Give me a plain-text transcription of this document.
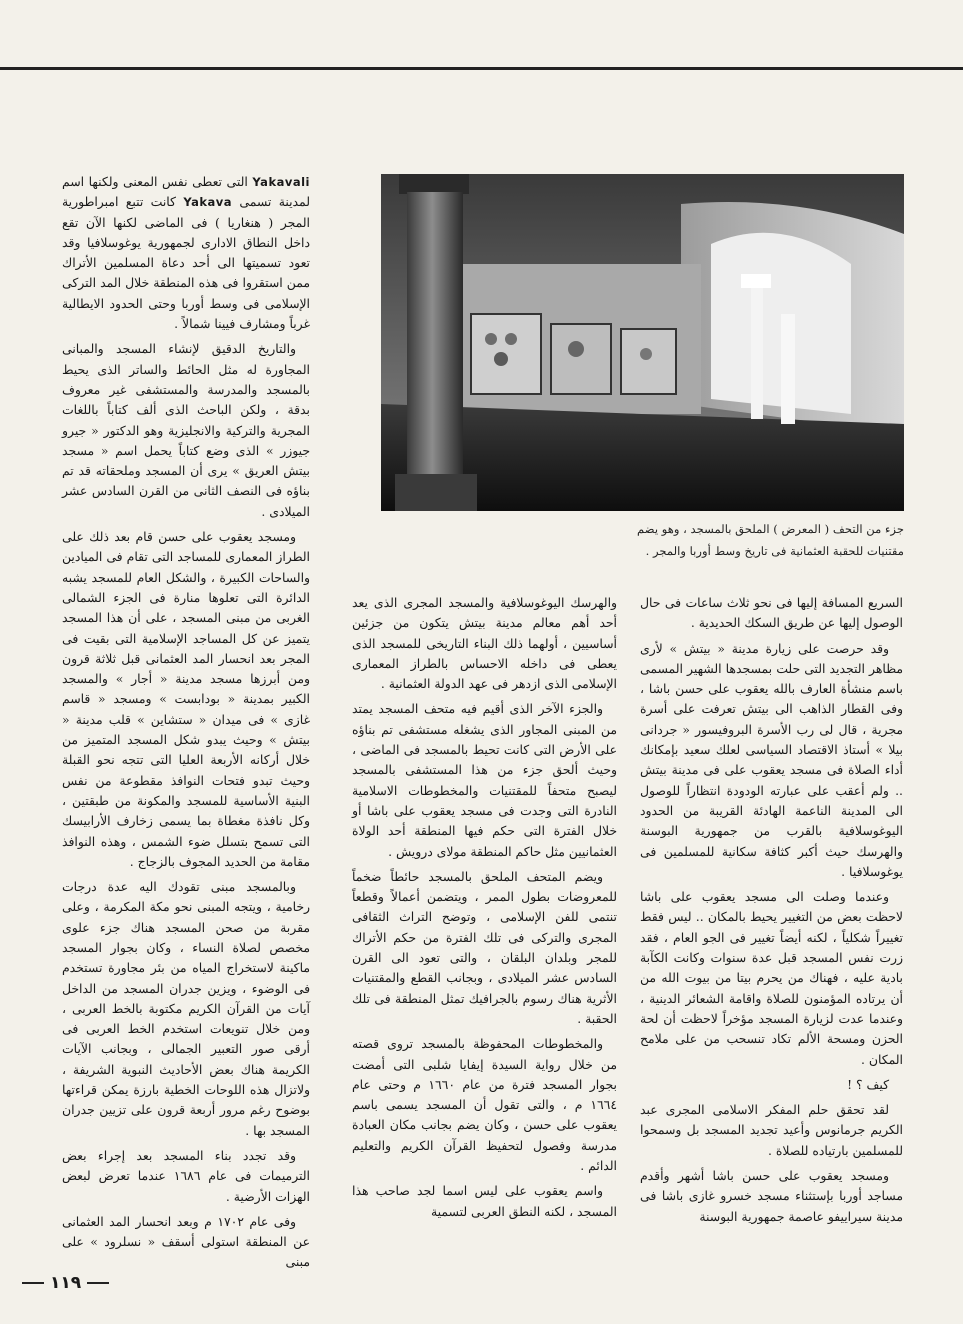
جزء من التحف ( المعرض ) الملحق بالمسجد ، وهو يضم
مقتنيات للحقبة العثمانية فى تاريخ وسط أوربا والمجر .

Yakavali التى تعطى نفس المعنى ولكنها اسم لمدينة تسمى Yakava كانت تتبع امبراطورية المجر ( هنغاريا ) فى الماضى لكنها الآن تقع داخل النطاق الادارى لجمهورية يوغوسلافيا وقد تعود تسميتها الى أحد دعاة المسلمين الأتراك ممن استقروا فى هذه المنطقة خلال المد التركى الإسلامى فى وسط أوربا وحتى الحدود الايطالية غرباً ومشارف فيينا شمالاً .

والتاريخ الدقيق لإنشاء المسجد والمبانى المجاورة له مثل الحائط والساتر الذى يحيط بالمسجد والمدرسة والمستشفى غير معروف بدقة ، ولكن الباحث الذى ألف كتاباً باللغات المجرية والتركية والانجليزية وهو الدكتور « جيرو جيوزر » الذى وضع كتاباً يحمل اسم « مسجد بيتش العريق » يرى أن المسجد وملحقاته قد تم بناؤه فى النصف الثانى من القرن السادس عشر الميلادى .

ومسجد يعقوب على حسن قام بعد ذلك على الطراز المعمارى للمساجد التى تقام فى الميادين والساحات الكبيرة ، والشكل العام للمسجد يشبه الدائرة التى تعلوها منارة فى الجزء الشمالى الغربى من مبنى المسجد ، على أن هذا المسجد يتميز عن كل المساجد الإسلامية التى بقيت فى المجر بعد انحسار المد العثمانى قبل ثلاثة قرون ومن أبرزها مسجد مدينة « أجار » والمسجد الكبير بمدينة « بودابست » ومسجد « قاسم غازى » فى ميدان « ستشاين » قلب مدينة « بيتش » وحيث يبدو شكل المسجد المتميز من خلال أركانه الأربعة العليا التى تتجه نحو القبلة وحيث تبدو فتحات النوافذ مقطوعة من نفس البنية الأساسية للمسجد والمكونة من طبقتين ، وكل نافذة مغطاة بما يسمى زخارف الأرابيسك التى تسمح بتسلل ضوء الشمس ، وهذه النوافذ مقامة من الحديد المجوف بالزجاج .

وبالمسجد مبنى تقودك اليه عدة درجات رخامية ، ويتجه المبنى نحو مكة المكرمة ، وعلى مقربة من صحن المسجد هناك جزء علوى مخصص لصلاة النساء ، وكان بجوار المسجد ماكينة لاستخراج المياه من بئر مجاورة تستخدم فى الوضوء ، ويزين جدران المسجد من الداخل آيات من القرآن الكريم مكتوبة بالخط العربى ، ومن خلال تنويعات استخدم الخط العربى فى أرقى صور التعبير الجمالى ، وبجانب الآيات الكريمة هناك بعض الأحاديث النبوية الشريفة ، ولاتزال هذه اللوحات الخطية بارزة يمكن قراءتها بوضوح رغم مرور أربعة قرون على تزيين جدران المسجد بها .

وقد تجدد بناء المسجد بعد إجراء بعض الترميمات فى عام ١٦٨٦ عندما تعرض لبعض الهزات الأرضية .

وفى عام ١٧٠٢ م وبعد انحسار المد العثمانى عن المنطقة استولى أسقف « نسلرود » على مبنى

والهرسك اليوغوسلافية والمسجد المجرى الذى يعد أحد أهم معالم مدينة بيتش يتكون من جزئين أساسيين ، أولهما ذلك البناء التاريخى للمسجد الذى يعطى فى داخله الاحساس بالطراز المعمارى الإسلامى الذى ازدهر فى عهد الدولة العثمانية .

والجزء الآخر الذى أقيم فيه متحف المسجد يمتد من المبنى المجاور الذى يشغله مستشفى تم بناؤه على الأرض التى كانت تحيط بالمسجد فى الماضى ، وحيث ألحق جزء من هذا المستشفى بالمسجد ليصبح متحفاً للمقتنيات والمخطوطات الاسلامية النادرة التى وجدت فى مسجد يعقوب على باشا أو خلال الفترة التى حكم فيها المنطقة أحد الولاة العثمانيين مثل حاكم المنطقة مولاى درويش .

ويضم المتحف الملحق بالمسجد حائطاً ضخماً للمعروضات بطول الممر ، ويتضمن أعمالاً وقطعاً تنتمى للفن الإسلامى ، وتوضح التراث الثقافى المجرى والتركى فى تلك الفترة من حكم الأتراك للمجر وبلدان البلقان ، والتى تعود الى القرن السادس عشر الميلادى ، وبجانب القطع والمقتنيات الأثرية هناك رسوم بالجرافيك تمثل المنطقة فى تلك الحقبة .

والمخطوطات المحفوظة بالمسجد تروى قصته من خلال رواية السيدة إيفايا شلبى التى أمضت بجوار المسجد فترة من عام ١٦٦٠ م وحتى عام ١٦٦٤ م ، والتى تقول أن المسجد يسمى باسم يعقوب على حسن ، وكان يضم بجانب مكان العبادة مدرسة وفصول لتحفيظ القرآن الكريم والتعليم الدائم .

واسم يعقوب على ليس اسما لجد صاحب هذا المسجد ، لكنه النطق العربى لتسمية

السريع المسافة إليها فى نحو ثلاث ساعات فى حال الوصول إليها عن طريق السكك الحديدية .

وقد حرصت على زيارة مدينة « بيتش » لأرى مظاهر التجديد التى حلت بمسجدها الشهير المسمى باسم منشأة العارف بالله يعقوب على حسن باشا ، وفى القطار الذاهب الى بيتش تعرفت على أسرة مجرية ، قال لى رب الأسرة البروفيسور « جردانى بيلا » أستاذ الاقتصاد السياسى لعلك سعيد بإمكانك أداء الصلاة فى مسجد يعقوب على فى مدينة بيتش .. ولم أعقب على عبارته الودودة انتظاراً للوصول الى المدينة الناعمة الهادئة القريبة من الحدود اليوغوسلافية بالقرب من جمهورية البوسنة والهرسك حيث أكبر كثافة سكانية للمسلمين فى يوغوسلافيا .

وعندما وصلت الى مسجد يعقوب على باشا لاحظت بعض من التغيير يحيط بالمكان .. ليس فقط تغييراً شكلياً ، لكنه أيضاً تغيير فى الجو العام ، فقد زرت نفس المسجد قبل عدة سنوات وكانت الكآبة بادية عليه ، فهناك من يحرم بيتا من بيوت الله من أن يرتاده المؤمنون للصلاة واقامة الشعائر الدينية ، وعندما عدت لزيارة المسجد مؤخراً لاحظت أن لحة الحزن ومسحة الألم تكاد تنسحب من على ملامح المكان .

كيف ؟ !

لقد تحقق حلم المفكر الاسلامى المجرى عبد الكريم جرمانوس وأعيد تجديد المسجد بل وسمحوا للمسلمين بارتياده للصلاة .

ومسجد يعقوب على حسن باشا أشهر وأقدم مساجد أوربا بإستثناء مسجد خسرو غازى باشا فى مدينة سيراييفو عاصمة جمهورية البوسنة

١١٩
